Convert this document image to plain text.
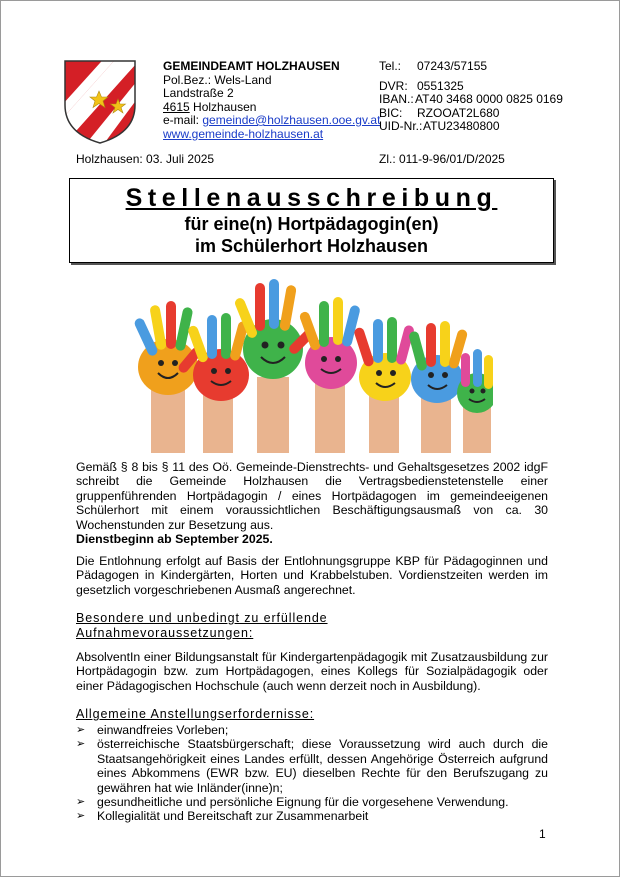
GEMEINDEAMT HOLZHAUSEN
Pol.Bez.: Wels-Land
Landstraße 2
4615 Holzhausen
e-mail: gemeinde@holzhausen.ooe.gv.at
www.gemeinde-holzhausen.at
Tel.: 07243/57155
DVR: 0551325
IBAN.: AT40 3468 0000 0825 0169
BIC: RZOOAT2L680
UID-Nr.: ATU23480800
Holzhausen: 03. Juli 2025	Zl.: 011-9-96/01/D/2025
Stellenausschreibung
für eine(n) Hortpädagogin(en)
im Schülerhort Holzhausen

Gemäß § 8 bis § 11 des Oö. Gemeinde-Dienstrechts- und Gehaltsgesetzes 2002 idgF schreibt die Gemeinde Holzhausen die Vertragsbedienstetenstelle einer gruppenführenden Hortpädagogin / eines Hortpädagogen im gemeindeeigenen Schülerhort mit einem voraussichtlichen Beschäftigungsausmaß von ca. 30 Wochenstunden zur Besetzung aus.

Dienstbeginn ab September 2025.

Die Entlohnung erfolgt auf Basis der Entlohnungsgruppe KBP für Pädagoginnen und Pädagogen in Kindergärten, Horten und Krabbelstuben. Vordienstzeiten werden im gesetzlich vorgeschriebenen Ausmaß angerechnet.

Besondere und unbedingt zu erfüllende
Aufnahmevoraussetzungen:

AbsolventIn einer Bildungsanstalt für Kindergartenpädagogik mit Zusatzausbildung zur Hortpädagogin bzw. zum Hortpädagogen, eines Kollegs für Sozialpädagogik oder einer Pädagogischen Hochschule (auch wenn derzeit noch in Ausbildung).

Allgemeine Anstellungserfordernisse:
➢ einwandfreies Vorleben;
➢ österreichische Staatsbürgerschaft; diese Voraussetzung wird auch durch die Staatsangehörigkeit eines Landes erfüllt, dessen Angehörige Österreich aufgrund eines Abkommens (EWR bzw. EU) dieselben Rechte für den Berufszugang zu gewähren hat wie Inländer(inne)n;
➢ gesundheitliche und persönliche Eignung für die vorgesehene Verwendung.
➢ Kollegialität und Bereitschaft zur Zusammenarbeit
1
